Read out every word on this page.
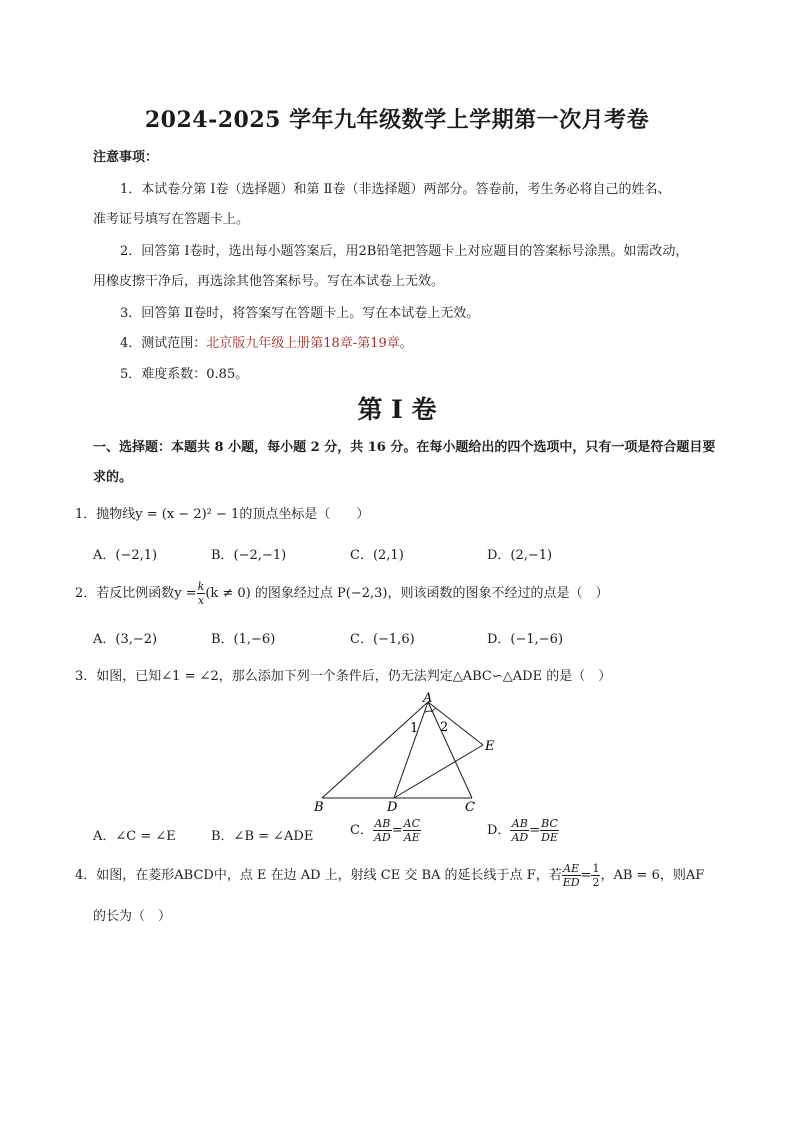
2024-2025 学年九年级数学上学期第一次月考卷
注意事项：
1．本试卷分第 Ⅰ卷（选择题）和第 Ⅱ卷（非选择题）两部分。答卷前，考生务必将自己的姓名、
准考证号填写在答题卡上。
2．回答第 Ⅰ卷时，选出每小题答案后，用2B铅笔把答题卡上对应题目的答案标号涂黑。如需改动，
用橡皮擦干净后，再选涂其他答案标号。写在本试卷上无效。
3．回答第 Ⅱ卷时，将答案写在答题卡上。写在本试卷上无效。
4．测试范围：北京版九年级上册第18章-第19章。
5．难度系数：0.85。
第 Ⅰ 卷
一、选择题：本题共 8 小题，每小题 2 分，共 16 分。在每小题给出的四个选项中，只有一项是符合题目要
求的。
1．抛物线y = (x − 2)² − 1的顶点坐标是（　　）
A．(−2,1)	B．(−2,−1)	C．(2,1)	D．(2,−1)
2．若反比例函数$y = \frac{k}{x} (k \ne 0)$ 的图象经过点 P(−2,3)，则该函数的图象不经过的点是（　）
A．(3,−2)	B．(1,−6)	C．(−1,6)	D．(−1,−6)
3．如图，已知∠1 = ∠2，那么添加下列一个条件后，仍无法判定△ABC∽△ADE 的是（　）
A
B	C
D
E
1 2
A．∠C = ∠E	B．∠B = ∠ADE	C． $\frac{AB}{AD} = \frac{AC}{AE}$	D． $\frac{AB}{AD} = \frac{BC}{DE}$
4．如图，在菱形ABCD中，点 E 在边 AD 上，射线 CE 交 BA 的延长线于点 F，若 $\frac{AE}{ED} = \frac{1}{2}$ ，AB = 6，则AF
的长为（　）
